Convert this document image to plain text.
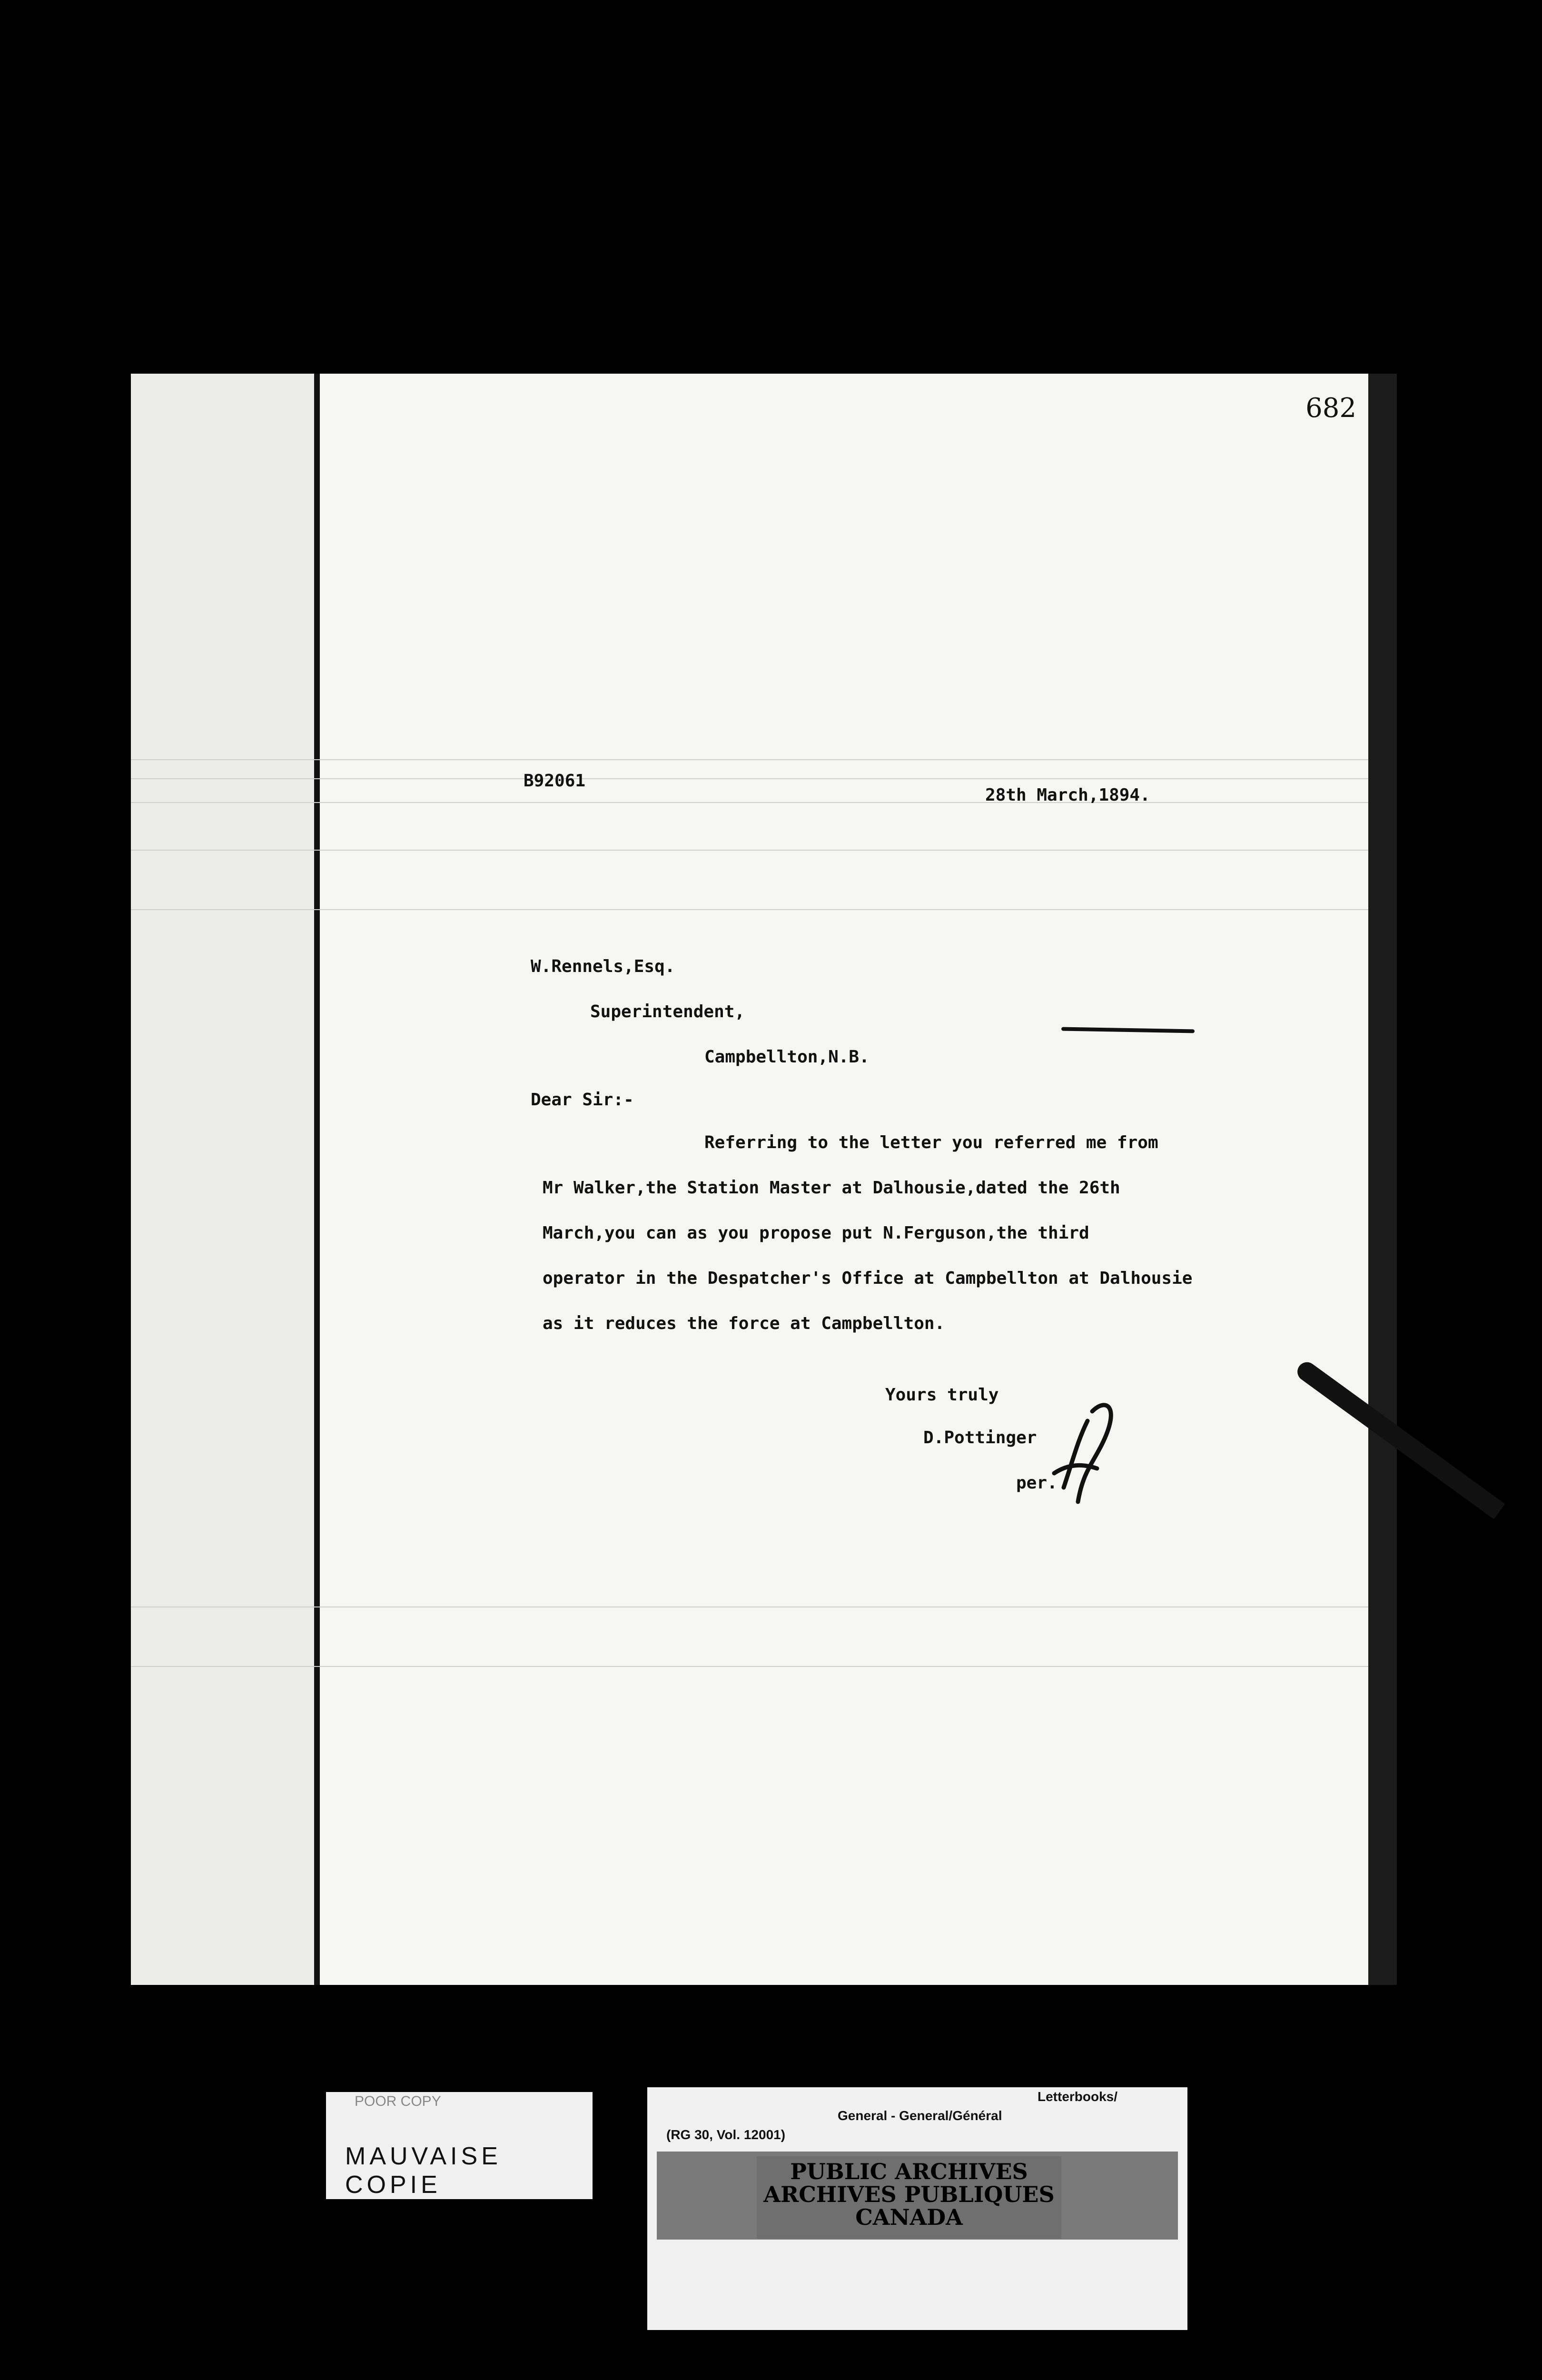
682
B92061
28th March,1894.
W.Rennels,Esq.
Superintendent,
Campbellton,N.B.
Dear Sir:-
Referring to the letter you referred me from
Mr Walker,the Station Master at Dalhousie,dated the 26th
March,you can as you propose put N.Ferguson,the third
operator in the Despatcher's Office at Campbellton at Dalhousie
as it reduces the force at Campbellton.
Yours truly
D.Pottinger
per.
POOR COPY
MAUVAISE COPIE
Letterbooks/
General - General/Général
(RG 30, Vol. 12001)
PUBLIC ARCHIVES
ARCHIVES PUBLIQUES
CANADA
